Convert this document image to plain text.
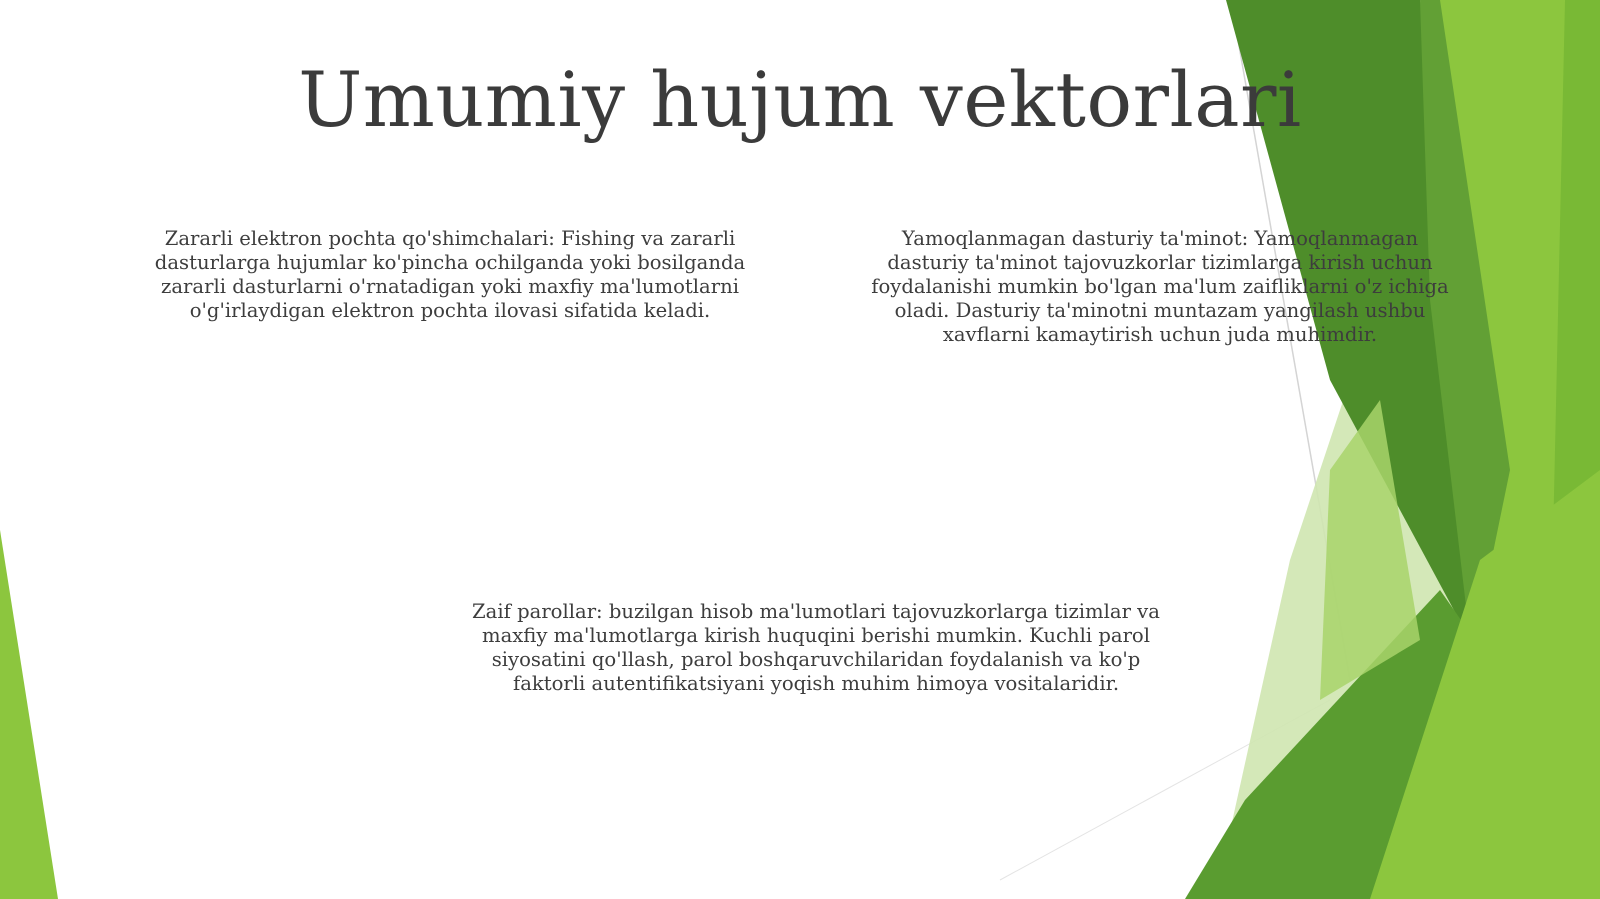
Umumiy hujum vektorlari
Zararli elektron pochta qo'shimchalari: Fishing va zararli dasturlarga hujumlar ko'pincha ochilganda yoki bosilganda zararli dasturlarni o'rnatadigan yoki maxfiy ma'lumotlarni o'g'irlaydigan elektron pochta ilovasi sifatida keladi.
Yamoqlanmagan dasturiy ta'minot: Yamoqlanmagan dasturiy ta'minot tajovuzkorlar tizimlarga kirish uchun foydalanishi mumkin bo'lgan ma'lum zaifliklarni o'z ichiga oladi. Dasturiy ta'minotni muntazam yangilash ushbu xavflarni kamaytirish uchun juda muhimdir.
Zaif parollar: buzilgan hisob ma'lumotlari tajovuzkorlarga tizimlar va maxfiy ma'lumotlarga kirish huquqini berishi mumkin. Kuchli parol siyosatini qo'llash, parol boshqaruvchilaridan foydalanish va ko'p faktorli autentifikatsiyani yoqish muhim himoya vositalaridir.
